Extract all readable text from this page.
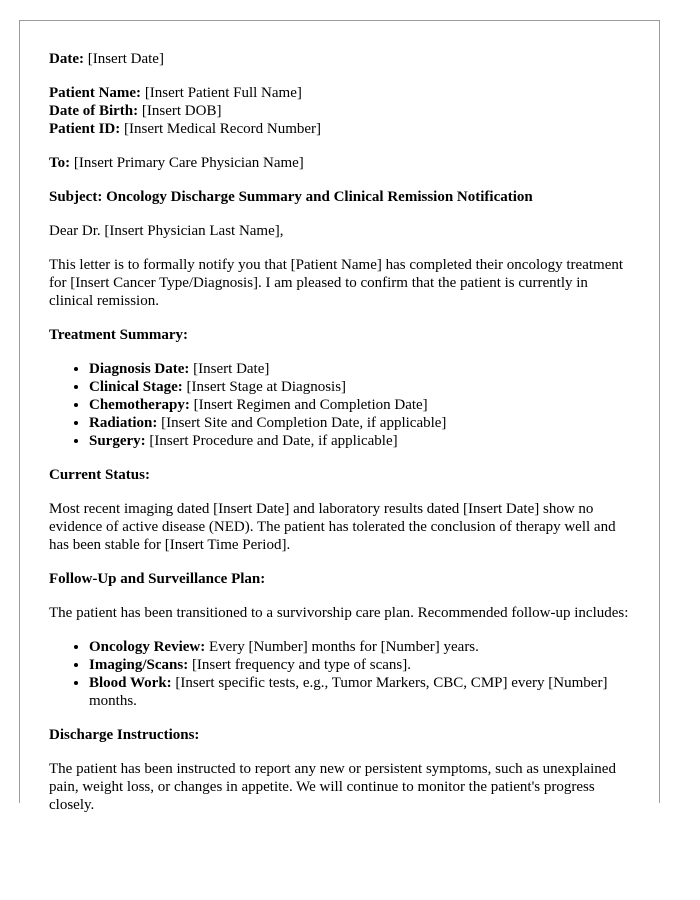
Date: [Insert Date]
Patient Name: [Insert Patient Full Name]
Date of Birth: [Insert DOB]
Patient ID: [Insert Medical Record Number]
To: [Insert Primary Care Physician Name]
Subject: Oncology Discharge Summary and Clinical Remission Notification
Dear Dr. [Insert Physician Last Name],
This letter is to formally notify you that [Patient Name] has completed their oncology treatment for [Insert Cancer Type/Diagnosis]. I am pleased to confirm that the patient is currently in clinical remission.
Treatment Summary:
• Diagnosis Date: [Insert Date]
• Clinical Stage: [Insert Stage at Diagnosis]
• Chemotherapy: [Insert Regimen and Completion Date]
• Radiation: [Insert Site and Completion Date, if applicable]
• Surgery: [Insert Procedure and Date, if applicable]
Current Status:
Most recent imaging dated [Insert Date] and laboratory results dated [Insert Date] show no evidence of active disease (NED). The patient has tolerated the conclusion of therapy well and has been stable for [Insert Time Period].
Follow-Up and Surveillance Plan:
The patient has been transitioned to a survivorship care plan. Recommended follow-up includes:
• Oncology Review: Every [Number] months for [Number] years.
• Imaging/Scans: [Insert frequency and type of scans].
• Blood Work: [Insert specific tests, e.g., Tumor Markers, CBC, CMP] every [Number] months.
Discharge Instructions:
The patient has been instructed to report any new or persistent symptoms, such as unexplained pain, weight loss, or changes in appetite. We will continue to monitor the patient's progress closely.
